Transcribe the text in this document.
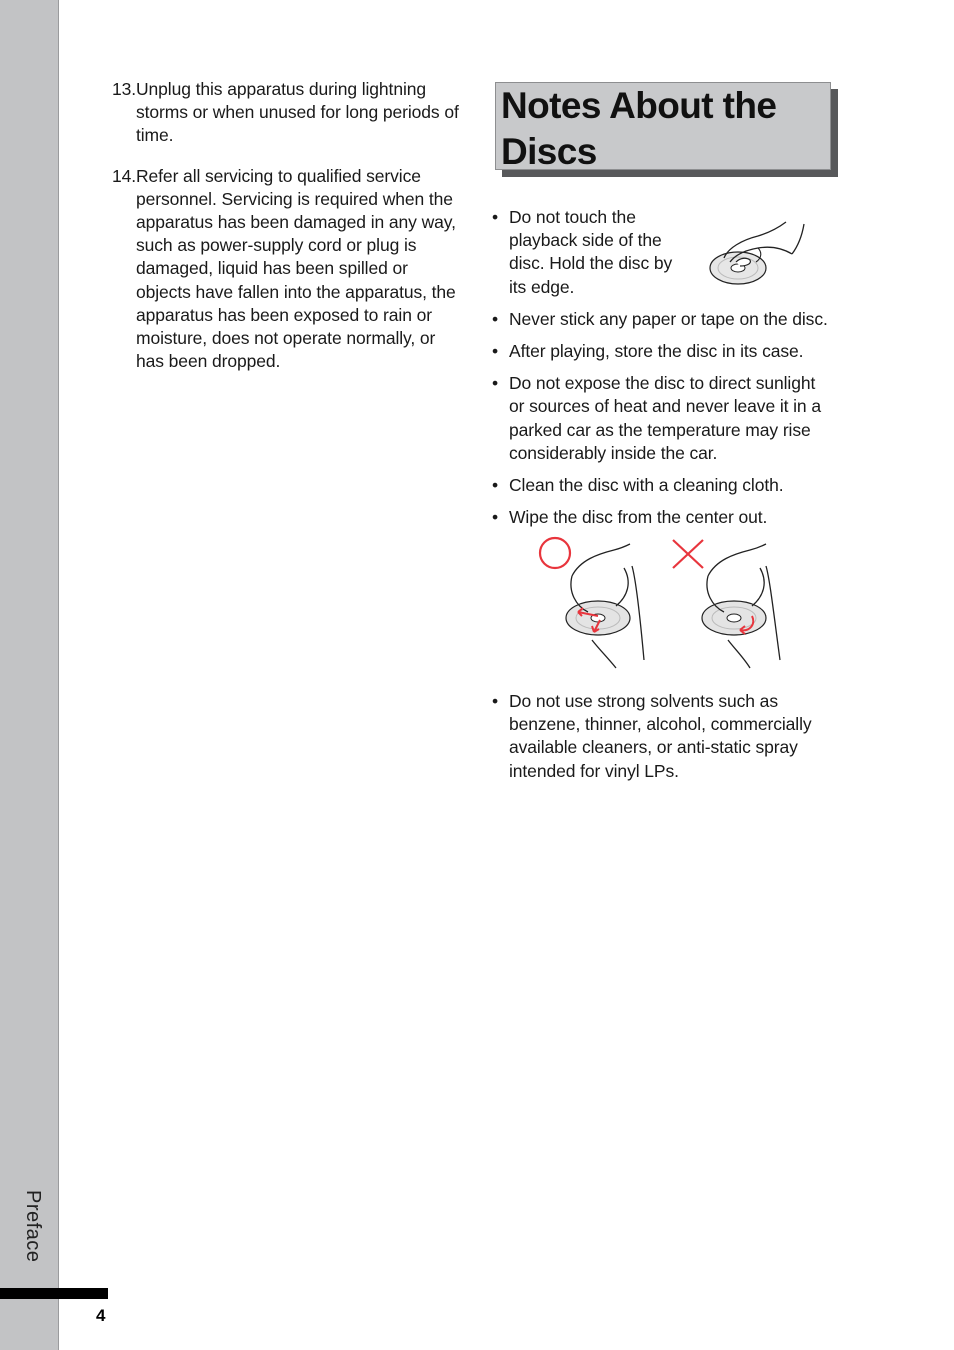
Preface
4
13. Unplug this apparatus during lightning storms or when unused for long periods of time.
14. Refer all servicing to qualified service personnel. Servicing is required when the apparatus has been damaged in any way, such as power-supply cord or plug is damaged, liquid has been spilled or objects have fallen into the apparatus, the apparatus has been exposed to rain or moisture, does not operate normally, or has been dropped.
Notes About the Discs
• Do not touch the playback side of the disc. Hold the disc by its edge.
• Never stick any paper or tape on the disc.
• After playing, store the disc in its case.
• Do not expose the disc to direct sunlight or sources of heat and never leave it in a parked car as the temperature may rise considerably inside the car.
• Clean the disc with a cleaning cloth.
• Wipe the disc from the center out.
• Do not use strong solvents such as benzene, thinner, alcohol, commercially available cleaners, or anti-static spray intended for vinyl LPs.
